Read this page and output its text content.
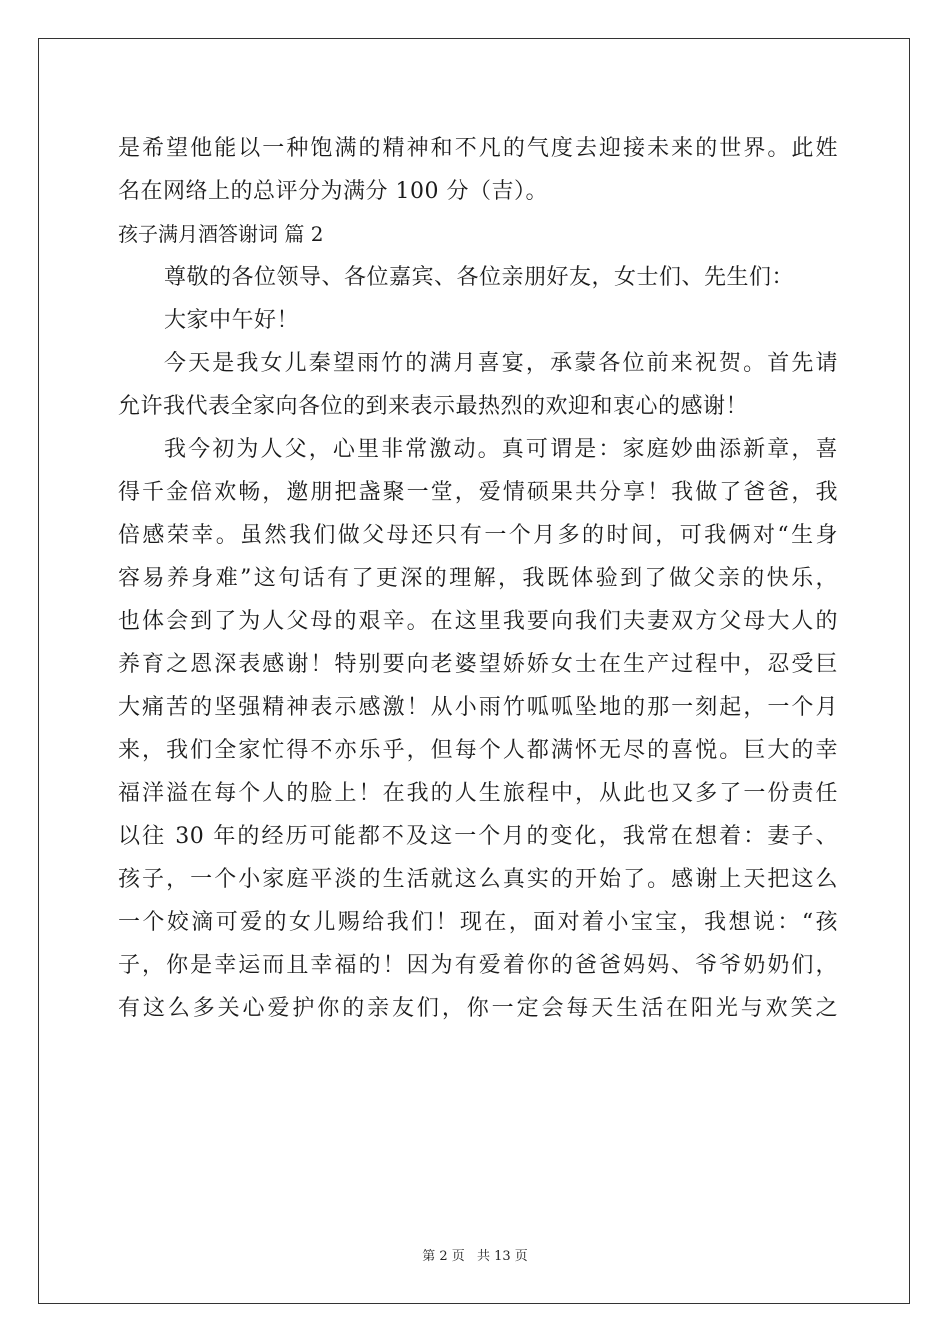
是希望他能以一种饱满的精神和不凡的气度去迎接未来的世界。此姓
名在网络上的总评分为满分 100 分（吉）。
孩子满月酒答谢词 篇 2
尊敬的各位领导、各位嘉宾、各位亲朋好友，女士们、先生们：
大家中午好！
今天是我女儿秦望雨竹的满月喜宴，承蒙各位前来祝贺。首先请
允许我代表全家向各位的到来表示最热烈的欢迎和衷心的感谢！
我今初为人父，心里非常激动。真可谓是：家庭妙曲添新章，喜
得千金倍欢畅，邀朋把盏聚一堂，爱情硕果共分享！我做了爸爸，我
倍感荣幸。虽然我们做父母还只有一个月多的时间，可我俩对“生身
容易养身难”这句话有了更深的理解，我既体验到了做父亲的快乐，
也体会到了为人父母的艰辛。在这里我要向我们夫妻双方父母大人的
养育之恩深表感谢！特别要向老婆望娇娇女士在生产过程中，忍受巨
大痛苦的坚强精神表示感激！从小雨竹呱呱坠地的那一刻起，一个月
来，我们全家忙得不亦乐乎，但每个人都满怀无尽的喜悦。巨大的幸
福洋溢在每个人的脸上！在我的人生旅程中，从此也又多了一份责任
以往 30 年的经历可能都不及这一个月的变化，我常在想着：妻子、
孩子，一个小家庭平淡的生活就这么真实的开始了。感谢上天把这么
一个姣滴可爱的女儿赐给我们！现在，面对着小宝宝，我想说：“孩
子，你是幸运而且幸福的！因为有爱着你的爸爸妈妈、爷爷奶奶们，
有这么多关心爱护你的亲友们，你一定会每天生活在阳光与欢笑之
第 2 页 共 13 页
